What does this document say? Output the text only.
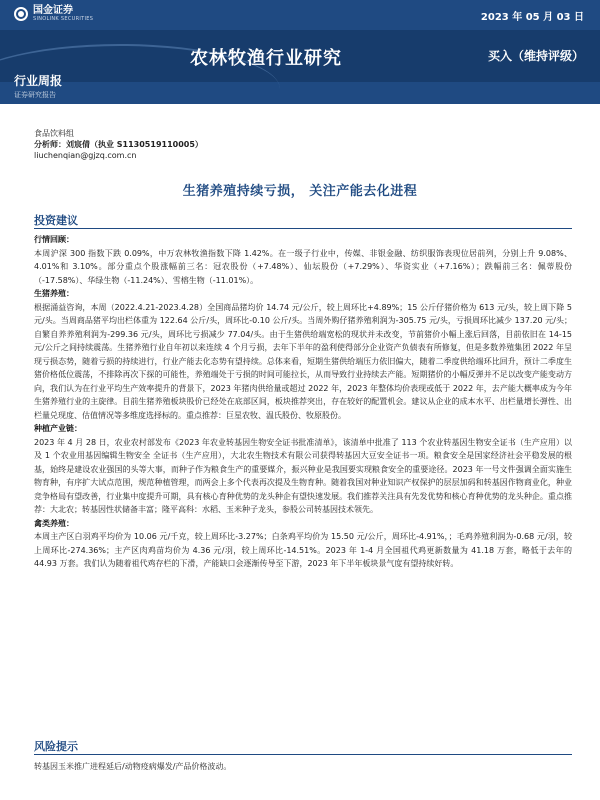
国金证券
SINOLINK SECURITIES	2023 年 05 月 03 日
农林牧渔行业研究	买入（维持评级）
行业周报
证券研究报告
食品饮料组
分析师：刘宸倩（执业 S1130519110005）
liuchenqian@gjzq.com.cn
生猪养殖持续亏损， 关注产能去化进程
投资建议
行情回顾：
本周沪深 300 指数下跌 0.09%，中万农林牧渔指数下降 1.42%。在一级子行业中，传媒、非银金融、纺织服饰表现位居前列，分别上升 9.08%、4.01%和 3.10%。部分重点个股涨幅前三名：冠农股份（+7.48%）、仙坛股份（+7.29%）、华资实业（+7.16%）；跌幅前三名：佩蒂股份（-17.58%）、华绿生物（-11.24%）、雪榕生物（-11.01%）。
生猪养殖：
根据涌益咨询，本周（2022.4.21-2023.4.28）全国商品猪均价 14.74 元/公斤，较上周环比+4.89%；15 公斤仔猪价格为 613 元/头，较上周下降 5 元/头。当周商品猪平均出栏体重为 122.64 公斤/头，周环比-0.10 公斤/头。当周外购仔猪养殖利润为-305.75 元/头，亏损周环比减少 137.20 元/头；自繁自养养殖利润为-299.36 元/头，周环比亏损减少 77.04/头。由于生猪供给端宽松的现状并未改变，节前猪价小幅上涨后回落，目前依旧在 14-15 元/公斤之间持续震荡。生猪养殖行业自年初以来连续 4 个月亏损，去年下半年的盈利使得部分企业资产负债表有所修复，但是多数养殖集团 2022 年呈现亏损态势，随着亏损的持续进行，行业产能去化态势有望持续。总体来看，短期生猪供给端压力依旧偏大，随着二季度供给端环比回升，预计二季度生猪价格低位震荡，不排除再次下探的可能性，养殖端处于亏损的时间可能拉长，从而导致行业持续去产能。短期猪价的小幅反弹并不足以改变产能变动方向，我们认为在行业平均生产效率提升的背景下，2023 年猪肉供给量或超过 2022 年，2023 年整体均价表现或低于 2022 年，去产能大概率成为今年生猪养殖行业的主旋律。目前生猪养殖板块股价已经处在底部区间，板块推荐突出，存在较好的配置机会。建议从企业的成本水平、出栏量增长弹性、出栏量兑现度、估值情况等多维度选择标的。重点推荐：巨星农牧、温氏股份、牧原股份。
种植产业链：
2023 年 4 月 28 日，农业农村部发布《2023 年农业转基因生物安全证书批准清单》，该清单中批准了 113 个农业转基因生物安全证书（生产应用）以及 1 个农业用基因编辑生物安全 全证书（生产应用），大北农生物技术有限公司获得转基因大豆安全证书一项。粮食安全是国家经济社会平稳发展的根基，始终是建设农业强国的头等大事，而种子作为粮食生产的重要媒介，振兴种业是我国要实现粮食安全的重要途径。2023 年一号文件强调全面实施生物育种，有序扩大试点范围，规范种植管理，而两会上多个代表再次提及生物育种。随着我国对种业知识产权保护的层层加码和转基因作物商业化，种业竞争格局有望改善，行业集中度提升可期，具有核心育种优势的龙头种企有望快速发展。我们推荐关注具有先发优势和核心育种优势的龙头种企。重点推荐：大北农；转基因性状储备丰富；隆平高科：水稻、玉米种子龙头，参股公司转基因技术领先。
禽类养殖：
本周主产区白羽鸡平均价为 10.06 元/千克，较上周环比-3.27%；白条鸡平均价为 15.50 元/公斤，周环比-4.91%，；毛鸡养殖利润为-0.68 元/羽，较上周环比-274.36%；主产区肉鸡苗均价为 4.36 元/羽，较上周环比-14.51%。2023 年 1-4 月全国祖代鸡更新数量为 41.18 万套，略低于去年的 44.93 万套。我们认为随着祖代鸡存栏的下滑，产能缺口会逐渐传导至下游，2023 年下半年板块景气度有望持续好转。
风险提示
转基因玉米推广进程延后/动物疫病爆发/产品价格波动。
